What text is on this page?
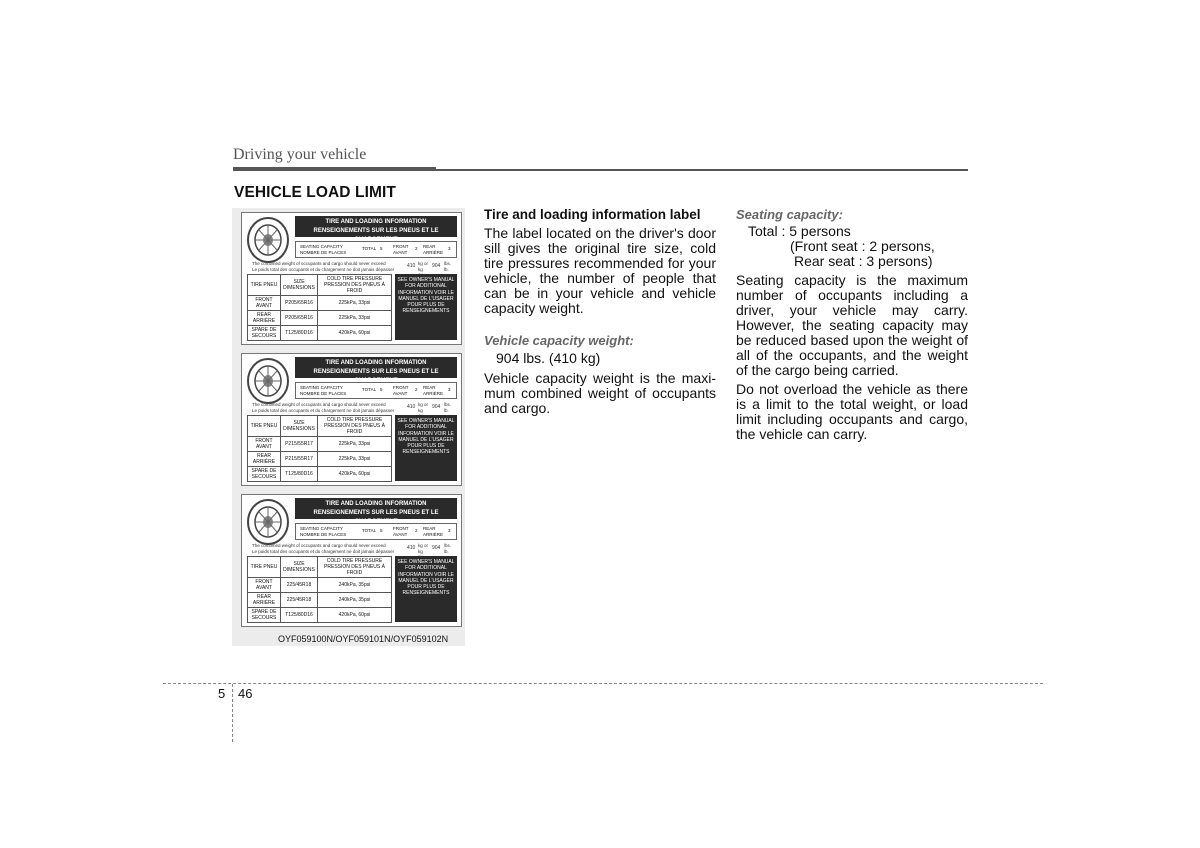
Driving your vehicle
VEHICLE LOAD LIMIT
TIRE AND LOADING INFORMATION
RENSEIGNEMENTS SUR LES PNEUS ET LE CHARGEMENT
SEATING CAPACITY
NOMBRE DE PLACES
TOTAL 5 FRONT AVANT
2 REAR ARRIÈRE
3
The combined weight of occupants and cargo should never exceed
Le poids total des occupants et du chargement ne doit jamais dépasser	410 kg or kg	904 lbs. lb.
TIRE PNEU	SIZE DIMENSIONS	COLD TIRE PRESSURE PRESSION DES PNEUS À FROID
FRONT AVANT	P205/65R16	225kPa, 33psi
REAR ARRIÈRE	P205/65R16	225kPa, 33psi
SPARE DE SECOURS	T125/80D16	420kPa, 60psi
SEE OWNER'S MANUAL FOR ADDITIONAL INFORMATION VOIR LE MANUEL DE L'USAGER POUR PLUS DE RENSEIGNEMENTS
TIRE AND LOADING INFORMATION
RENSEIGNEMENTS SUR LES PNEUS ET LE CHARGEMENT
SEATING CAPACITY
NOMBRE DE PLACES
TOTAL 5 FRONT AVANT
2 REAR ARRIÈRE
3
The combined weight of occupants and cargo should never exceed
Le poids total des occupants et du chargement ne doit jamais dépasser	410 kg or kg	904 lbs. lb.
TIRE PNEU	SIZE DIMENSIONS	COLD TIRE PRESSURE PRESSION DES PNEUS À FROID
FRONT AVANT	P215/55R17	225kPa, 33psi
REAR ARRIÈRE	P215/55R17	225kPa, 33psi
SPARE DE SECOURS	T125/80D16	420kPa, 60psi
SEE OWNER'S MANUAL FOR ADDITIONAL INFORMATION VOIR LE MANUEL DE L'USAGER POUR PLUS DE RENSEIGNEMENTS
TIRE AND LOADING INFORMATION
RENSEIGNEMENTS SUR LES PNEUS ET LE CHARGEMENT
SEATING CAPACITY
NOMBRE DE PLACES
TOTAL 5 FRONT AVANT
2 REAR ARRIÈRE
3
The combined weight of occupants and cargo should never exceed
Le poids total des occupants et du chargement ne doit jamais dépasser	410 kg or kg	904 lbs. lb.
TIRE PNEU	SIZE DIMENSIONS	COLD TIRE PRESSURE PRESSION DES PNEUS À FROID
FRONT AVANT	225/45R18	240kPa, 35psi
REAR ARRIÈRE	225/45R18	240kPa, 35psi
SPARE DE SECOURS	T125/80D16	420kPa, 60psi
SEE OWNER'S MANUAL FOR ADDITIONAL INFORMATION VOIR LE MANUEL DE L'USAGER POUR PLUS DE RENSEIGNEMENTS
OYF059100N/OYF059101N/OYF059102N

Tire and loading information label

The label located on the driver's door sill gives the original tire size, cold tire pressures recommended for your vehicle, the number of people that can be in your vehicle and vehicle capacity weight.

Vehicle capacity weight:

904 lbs. (410 kg)

Vehicle capacity weight is the maxi-mum combined weight of occupants and cargo.

Seating capacity:

Total : 5 persons

(Front seat : 2 persons,

Rear seat : 3 persons)

Seating capacity is the maximum number of occupants including a driver, your vehicle may carry. However, the seating capacity may be reduced based upon the weight of all of the occupants, and the weight of the cargo being carried.

Do not overload the vehicle as there is a limit to the total weight, or load limit including occupants and cargo, the vehicle can carry.

5 46
